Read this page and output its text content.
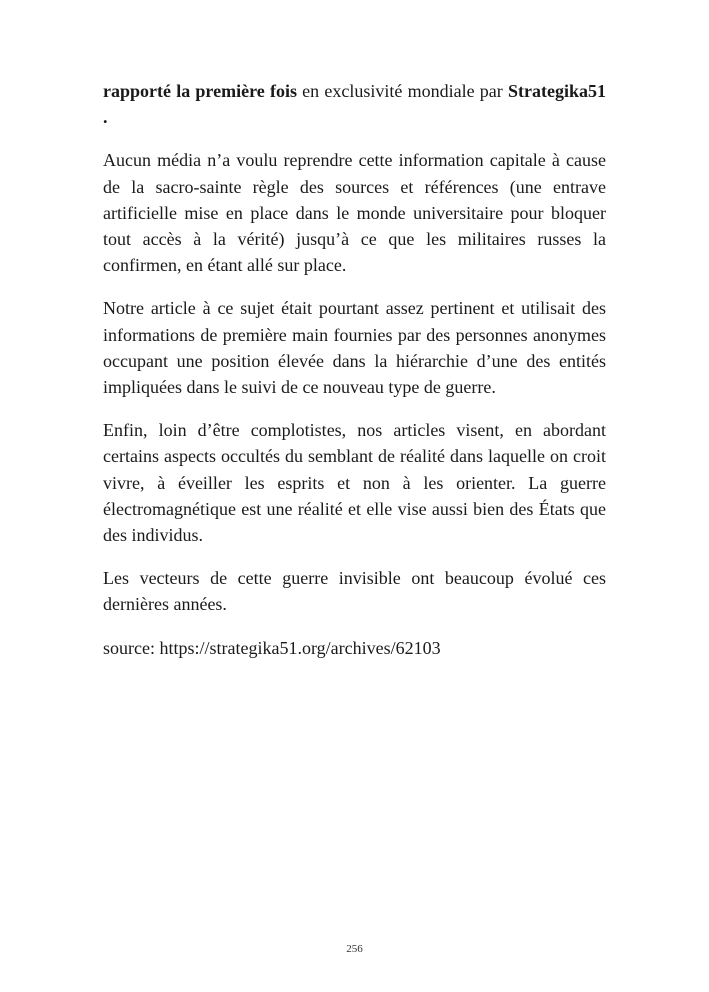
rapporté la première fois en exclusivité mondiale par Strategika51 .

Aucun média n’a voulu reprendre cette information capitale à cause de la sacro-sainte règle des sources et références (une entrave artificielle mise en place dans le monde universitaire pour bloquer tout accès à la vérité) jusqu’à ce que les militaires russes la confirmen, en étant allé sur place.

Notre article à ce sujet était pourtant assez pertinent et utilisait des informations de première main fournies par des personnes anonymes occupant une position élevée dans la hiérarchie d’une des entités impliquées dans le suivi de ce nouveau type de guerre.

Enfin, loin d’être complotistes, nos articles visent, en abordant certains aspects occultés du semblant de réalité dans laquelle on croit vivre, à éveiller les esprits et non à les orienter. La guerre électromagnétique est une réalité et elle vise aussi bien des États que des individus.

Les vecteurs de cette guerre invisible ont beaucoup évolué ces dernières années.

source: https://strategika51.org/archives/62103

256
